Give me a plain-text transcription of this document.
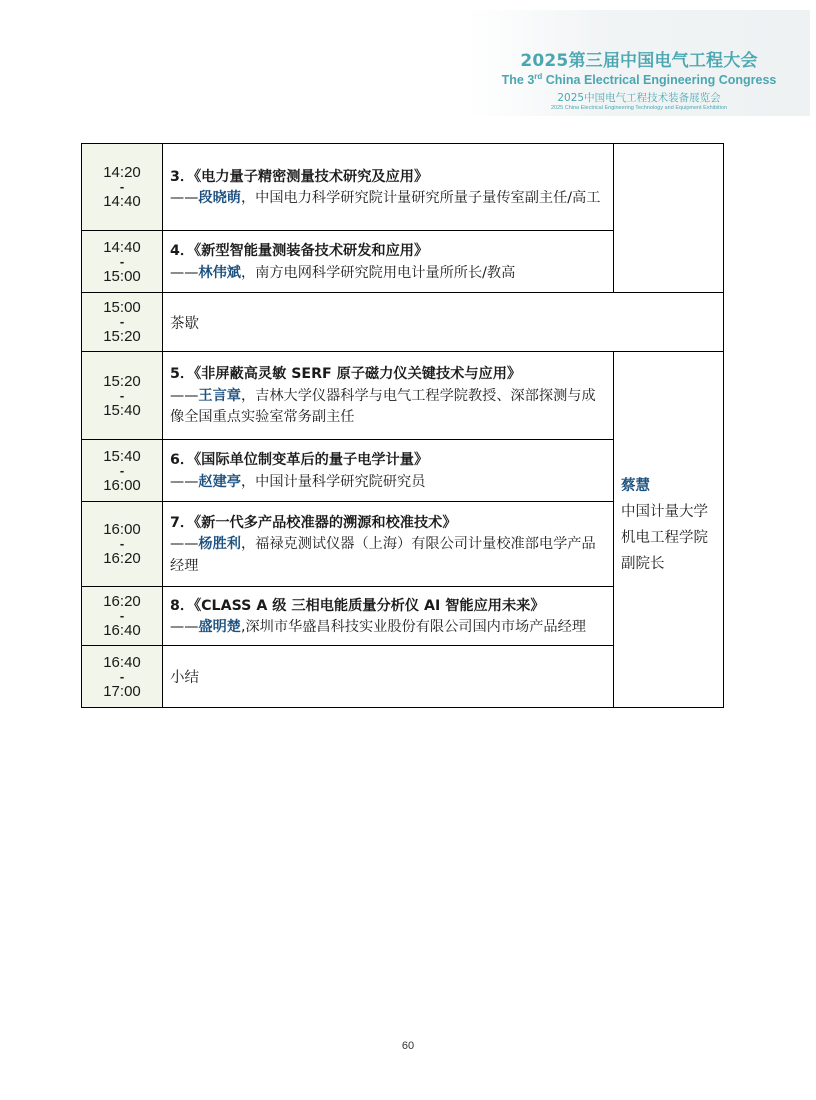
2025第三届中国电气工程大会
The 3rd China Electrical Engineering Congress
2025中国电气工程技术装备展览会
2025 China Electrical Engineering Technology and Equipment Exhibition
14:20
-
14:40	3．《电力量子精密测量技术研究及应用》
——段晓萌，中国电力科学研究院计量研究所量子量传室副主任/高工	

14:40
-
15:00	4．《新型智能量测装备技术研发和应用》
——林伟斌，南方电网科学研究院用电计量所所长/教高	

15:00
-
15:20	茶歇	

15:20
-
15:40	5．《非屏蔽高灵敏 SERF 原子磁力仪关键技术与应用》
——王言章，吉林大学仪器科学与电气工程学院教授、深部探测与成像全国重点实验室常务副主任	蔡慧
中国计量大学
机电工程学院
副院长

15:40
-
16:00	6．《国际单位制变革后的量子电学计量》
——赵建亭，中国计量科学研究院研究员	

16:00
-
16:20	7．《新一代多产品校准器的溯源和校准技术》
——杨胜利，福禄克测试仪器（上海）有限公司计量校准部电学产品经理	

16:20
-
16:40	8．《CLASS A 级 三相电能质量分析仪 AI 智能应用未来》
——盛明楚,深圳市华盛昌科技实业股份有限公司国内市场产品经理	

16:40
-
17:00	小结	
60
